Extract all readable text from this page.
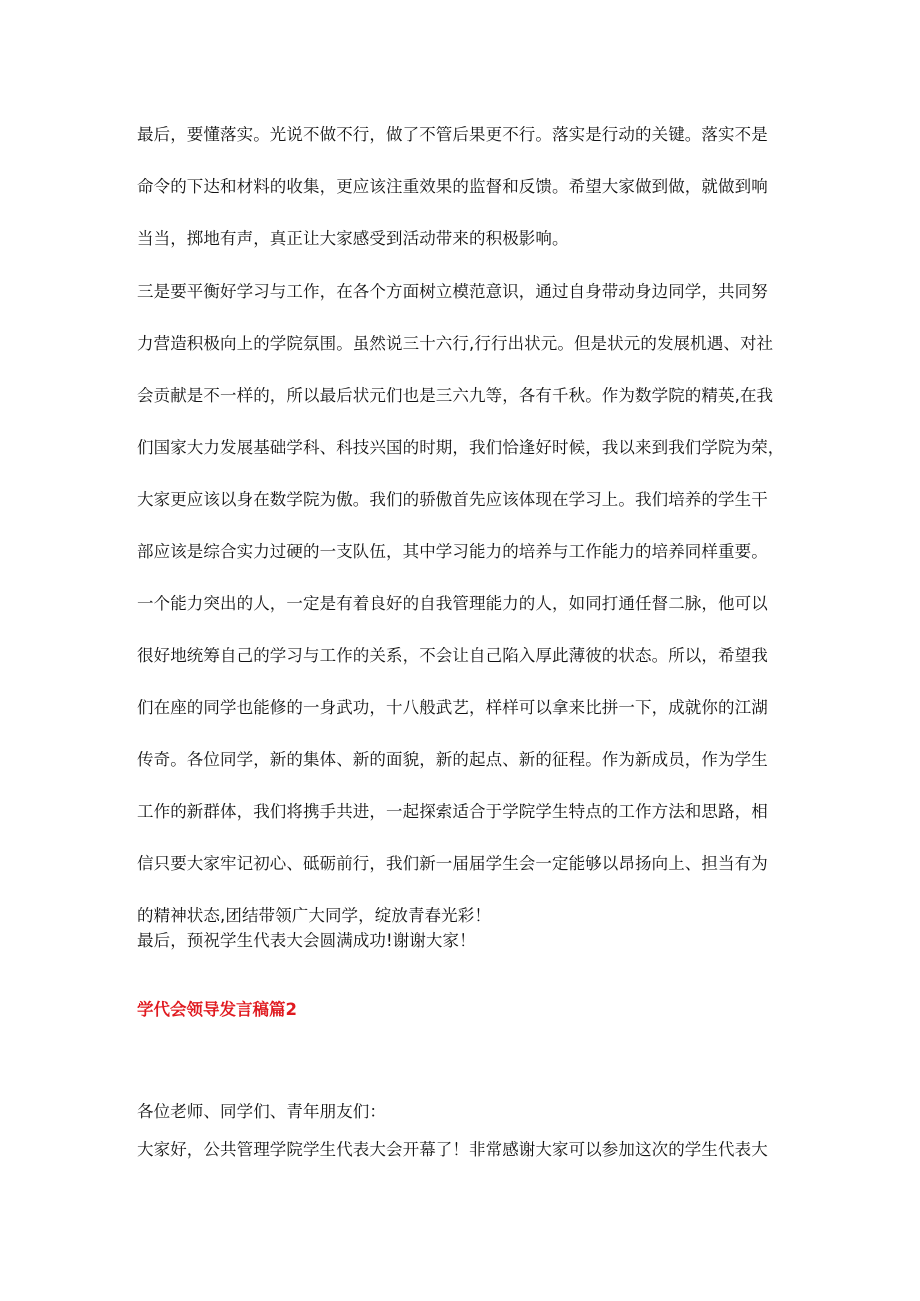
最后，要懂落实。光说不做不行，做了不管后果更不行。落实是行动的关键。落实不是
命令的下达和材料的收集，更应该注重效果的监督和反馈。希望大家做到做，就做到响
当当，掷地有声，真正让大家感受到活动带来的积极影响。
三是要平衡好学习与工作，在各个方面树立模范意识，通过自身带动身边同学，共同努
力营造积极向上的学院氛围。虽然说三十六行,行行出状元。但是状元的发展机遇、对社
会贡献是不一样的，所以最后状元们也是三六九等，各有千秋。作为数学院的精英,在我
们国家大力发展基础学科、科技兴国的时期，我们恰逢好时候，我以来到我们学院为荣，
大家更应该以身在数学院为傲。我们的骄傲首先应该体现在学习上。我们培养的学生干
部应该是综合实力过硬的一支队伍，其中学习能力的培养与工作能力的培养同样重要。
一个能力突出的人，一定是有着良好的自我管理能力的人，如同打通任督二脉，他可以
很好地统筹自己的学习与工作的关系，不会让自己陷入厚此薄彼的状态。所以，希望我
们在座的同学也能修的一身武功，十八般武艺，样样可以拿来比拼一下，成就你的江湖
传奇。各位同学，新的集体、新的面貌，新的起点、新的征程。作为新成员，作为学生
工作的新群体，我们将携手共进，一起探索适合于学院学生特点的工作方法和思路，相
信只要大家牢记初心、砥砺前行，我们新一届届学生会一定能够以昂扬向上、担当有为
的精神状态,团结带领广大同学，绽放青春光彩！

最后，预祝学生代表大会圆满成功!谢谢大家！

学代会领导发言稿篇2

各位老师、同学们、青年朋友们：

大家好，公共管理学院学生代表大会开幕了！非常感谢大家可以参加这次的学生代表大
